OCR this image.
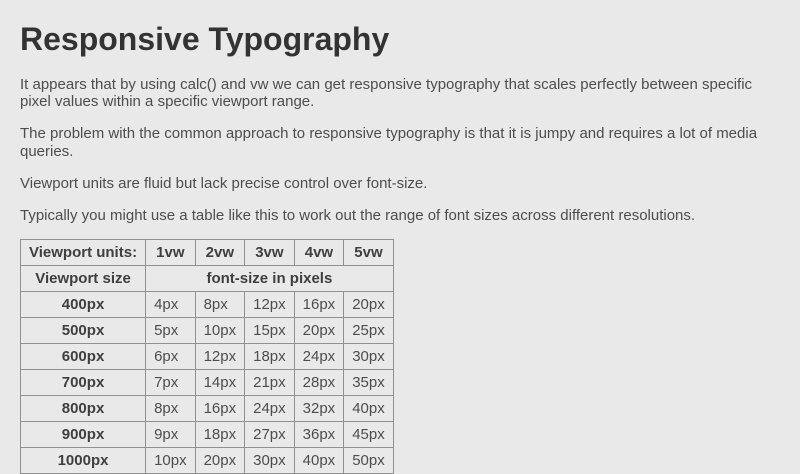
Responsive Typography

It appears that by using calc() and vw we can get responsive typography that scales perfectly between specific pixel values within a specific viewport range.

The problem with the common approach to responsive typography is that it is jumpy and requires a lot of media queries.

Viewport units are fluid but lack precise control over font-size.

Typically you might use a table like this to work out the range of font sizes across different resolutions.

Viewport units:	1vw	2vw	3vw	4vw	5vw
Viewport size	font-size in pixels				
400px	4px	8px	12px	16px	20px
500px	5px	10px	15px	20px	25px
600px	6px	12px	18px	24px	30px
700px	7px	14px	21px	28px	35px
800px	8px	16px	24px	32px	40px
900px	9px	18px	27px	36px	45px
1000px	10px	20px	30px	40px	50px
